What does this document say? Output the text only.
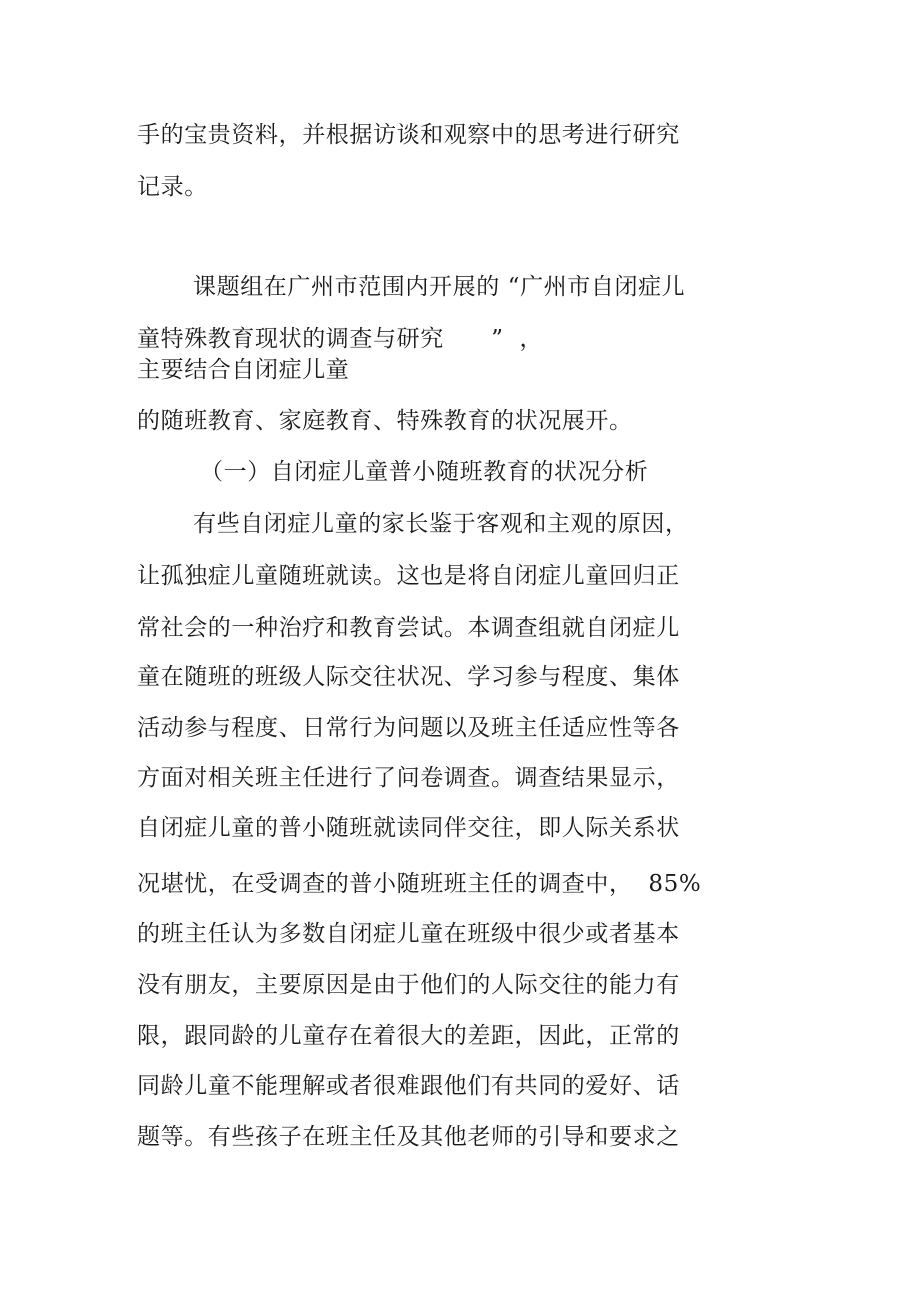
手的宝贵资料，并根据访谈和观察中的思考进行研究
记录。
课题组在广州市范围内开展的 “广州市自闭症儿
童特殊教育现状的调查与研究      ”  ，
主要结合自闭症儿童
的随班教育、家庭教育、特殊教育的状况展开。
（一）自闭症儿童普小随班教育的状况分析
有些自闭症儿童的家长鉴于客观和主观的原因，
让孤独症儿童随班就读。这也是将自闭症儿童回归正
常社会的一种治疗和教育尝试。本调查组就自闭症儿
童在随班的班级人际交往状况、学习参与程度、集体
活动参与程度、日常行为问题以及班主任适应性等各
方面对相关班主任进行了问卷调查。调查结果显示，
自闭症儿童的普小随班就读同伴交往，即人际关系状
况堪忧，在受调查的普小随班班主任的调查中，  85%
的班主任认为多数自闭症儿童在班级中很少或者基本
没有朋友，主要原因是由于他们的人际交往的能力有
限，跟同龄的儿童存在着很大的差距，因此，正常的
同龄儿童不能理解或者很难跟他们有共同的爱好、话
题等。有些孩子在班主任及其他老师的引导和要求之
